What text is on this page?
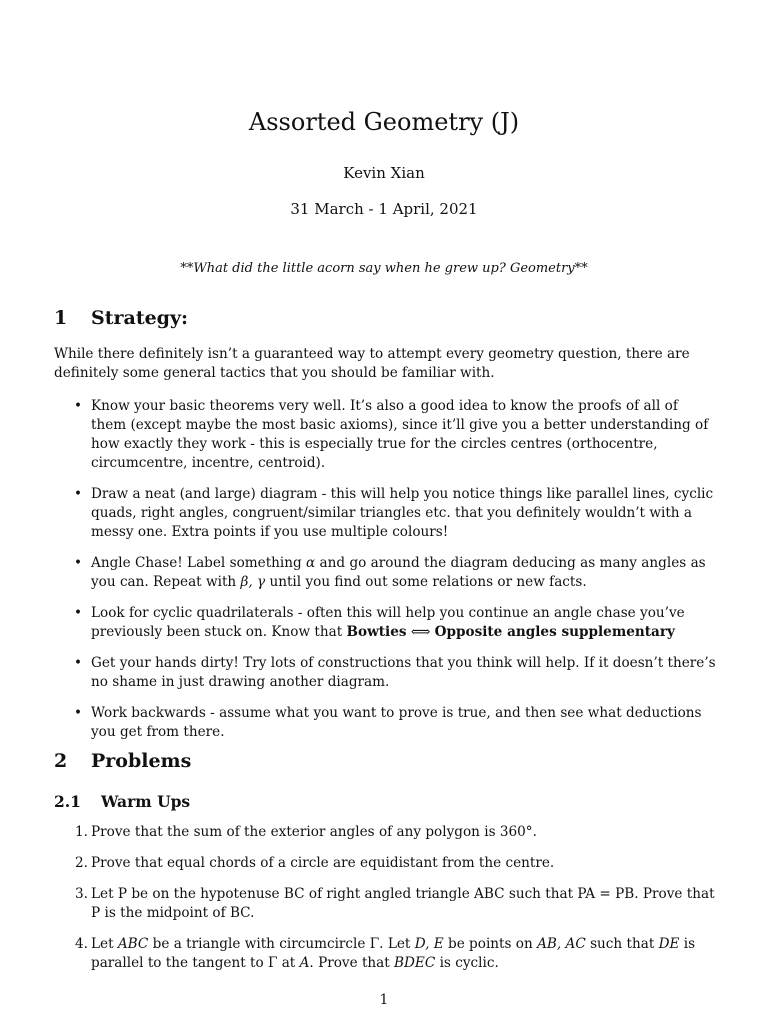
Assorted Geometry (J)
Kevin Xian
31 March - 1 April, 2021
**What did the little acorn say when he grew up? Geometry**
1 Strategy:
While there definitely isn’t a guaranteed way to attempt every geometry question, there are definitely some general tactics that you should be familiar with.
• Know your basic theorems very well. It’s also a good idea to know the proofs of all of them (except maybe the most basic axioms), since it’ll give you a better understanding of how exactly they work - this is especially true for the circles centres (orthocentre, circumcentre, incentre, centroid).
• Draw a neat (and large) diagram - this will help you notice things like parallel lines, cyclic quads, right angles, congruent/similar triangles etc. that you definitely wouldn’t with a messy one. Extra points if you use multiple colours!
• Angle Chase! Label something α and go around the diagram deducing as many angles as you can. Repeat with β, γ until you find out some relations or new facts.
• Look for cyclic quadrilaterals - often this will help you continue an angle chase you’ve previously been stuck on. Know that Bowties ⟺ Opposite angles supplementary
• Get your hands dirty! Try lots of constructions that you think will help. If it doesn’t there’s no shame in just drawing another diagram.
• Work backwards - assume what you want to prove is true, and then see what deductions you get from there.
2 Problems
2.1 Warm Ups
1. Prove that the sum of the exterior angles of any polygon is 360°.
2. Prove that equal chords of a circle are equidistant from the centre.
3. Let P be on the hypotenuse BC of right angled triangle ABC such that PA = PB. Prove that P is the midpoint of BC.
4. Let ABC be a triangle with circumcircle Γ. Let D, E be points on AB, AC such that DE is parallel to the tangent to Γ at A. Prove that BDEC is cyclic.
1
